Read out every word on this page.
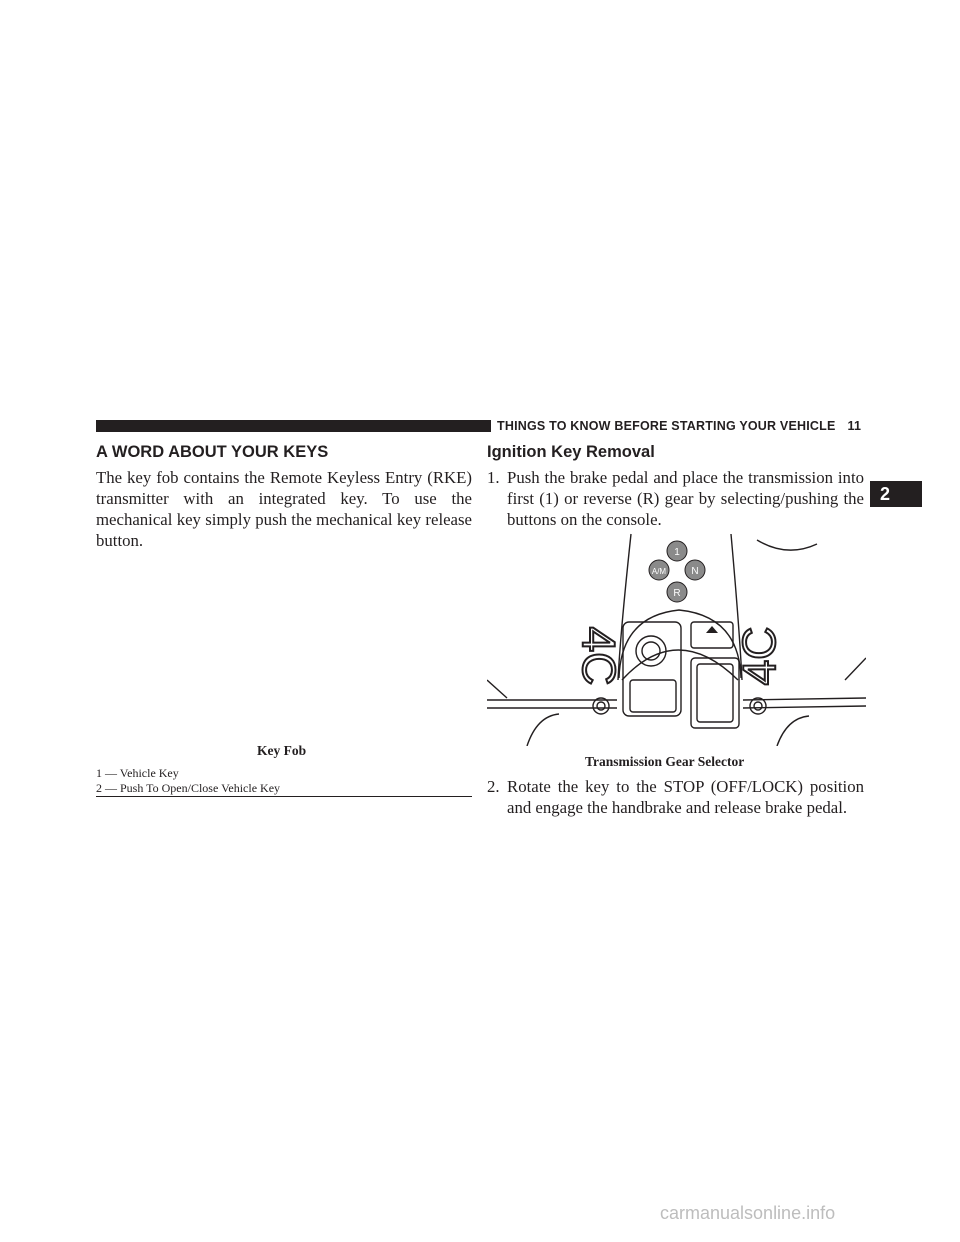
THINGS TO KNOW BEFORE STARTING YOUR VEHICLE 11
2
A WORD ABOUT YOUR KEYS
The key fob contains the Remote Keyless Entry (RKE) transmitter with an integrated key. To use the mechanical key simply push the mechanical key release button.
Key Fob
1 — Vehicle Key
2 — Push To Open/Close Vehicle Key
Ignition Key Removal
1. Push the brake pedal and place the transmission into first (1) or reverse (R) gear by selecting/pushing the buttons on the console.
1
A/M	N
R
4C 4C
Transmission Gear Selector
2. Rotate the key to the STOP (OFF/LOCK) position and engage the handbrake and release brake pedal.
carmanualsonline.info
